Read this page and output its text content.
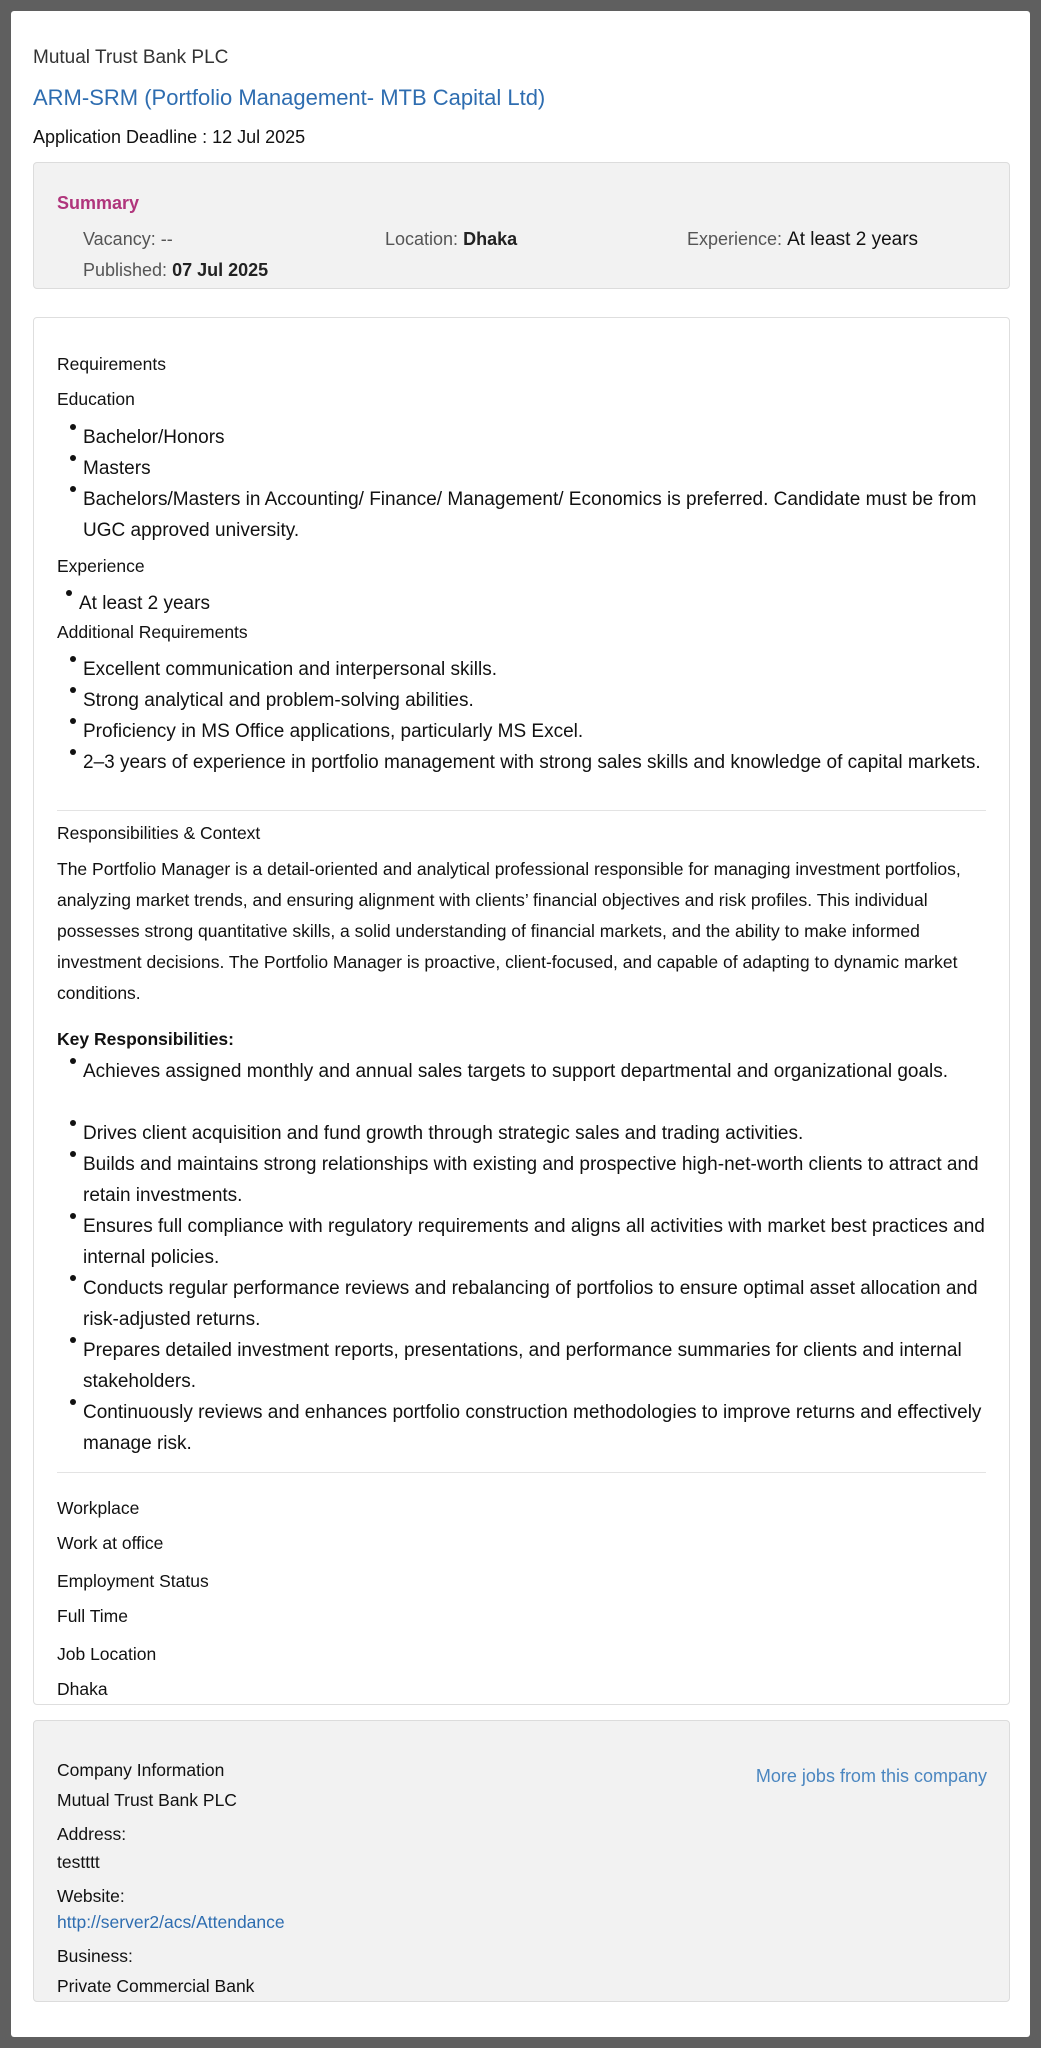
Mutual Trust Bank PLC
ARM-SRM (Portfolio Management- MTB Capital Ltd)
Application Deadline : 12 Jul 2025
Summary
Vacancy: --	Location: Dhaka	Experience: At least 2 years
Published: 07 Jul 2025
Requirements
Education
Bachelor/Honors
Masters
Bachelors/Masters in Accounting/ Finance/ Management/ Economics is preferred. Candidate must be from UGC approved university.
Experience
At least 2 years
Additional Requirements
Excellent communication and interpersonal skills.
Strong analytical and problem-solving abilities.
Proficiency in MS Office applications, particularly MS Excel.
2–3 years of experience in portfolio management with strong sales skills and knowledge of capital markets.
Responsibilities & Context
The Portfolio Manager is a detail-oriented and analytical professional responsible for managing investment portfolios, analyzing market trends, and ensuring alignment with clients’ financial objectives and risk profiles. This individual possesses strong quantitative skills, a solid understanding of financial markets, and the ability to make informed investment decisions. The Portfolio Manager is proactive, client-focused, and capable of adapting to dynamic market conditions.
Key Responsibilities:
Achieves assigned monthly and annual sales targets to support departmental and organizational goals.
Drives client acquisition and fund growth through strategic sales and trading activities.
Builds and maintains strong relationships with existing and prospective high-net-worth clients to attract and retain investments.
Ensures full compliance with regulatory requirements and aligns all activities with market best practices and internal policies.
Conducts regular performance reviews and rebalancing of portfolios to ensure optimal asset allocation and risk-adjusted returns.
Prepares detailed investment reports, presentations, and performance summaries for clients and internal stakeholders.
Continuously reviews and enhances portfolio construction methodologies to improve returns and effectively manage risk.
Workplace
Work at office
Employment Status
Full Time
Job Location
Dhaka
Company Information
Mutual Trust Bank PLC
More jobs from this company
Address:
testttt
Website:
http://server2/acs/Attendance
Business:
Private Commercial Bank
